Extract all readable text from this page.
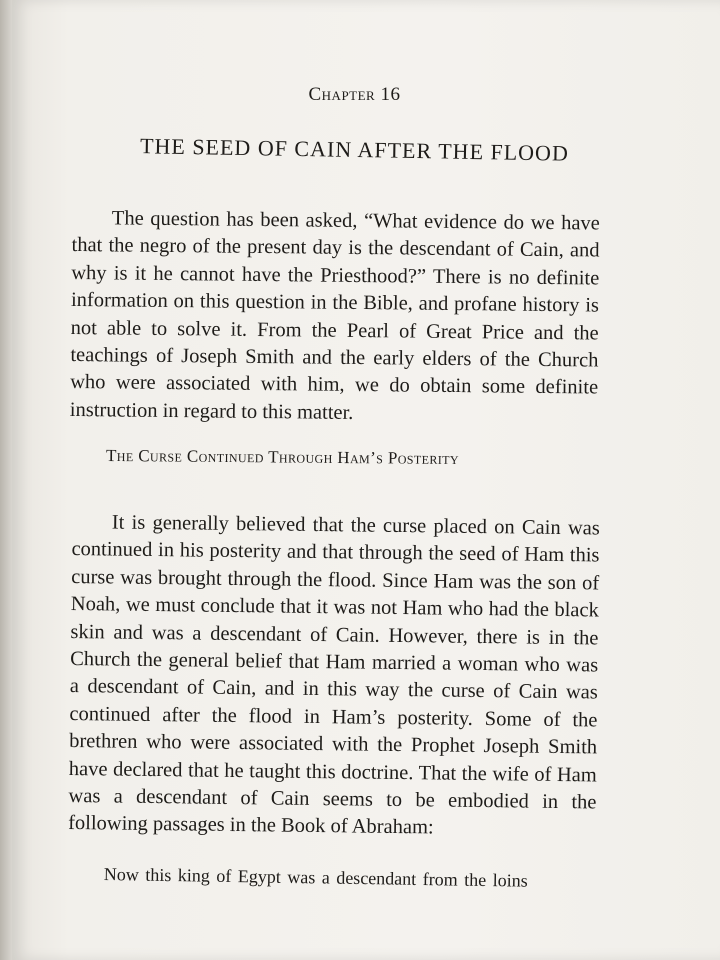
Chapter 16
THE SEED OF CAIN AFTER THE FLOOD

The question has been asked, “What evidence do we have that the negro of the present day is the descendant of Cain, and why is it he cannot have the Priesthood?” There is no definite information on this question in the Bible, and profane history is not able to solve it. From the Pearl of Great Price and the teachings of Joseph Smith and the early elders of the Church who were associated with him, we do obtain some definite instruction in regard to this matter.

The Curse Continued Through Ham’s Posterity

It is generally believed that the curse placed on Cain was continued in his posterity and that through the seed of Ham this curse was brought through the flood. Since Ham was the son of Noah, we must conclude that it was not Ham who had the black skin and was a descendant of Cain. However, there is in the Church the general belief that Ham married a woman who was a descendant of Cain, and in this way the curse of Cain was continued after the flood in Ham’s posterity. Some of the brethren who were associated with the Prophet Joseph Smith have declared that he taught this doctrine. That the wife of Ham was a descendant of Cain seems to be embodied in the following passages in the Book of Abraham:

Now this king of Egypt was a descendant from the loins
